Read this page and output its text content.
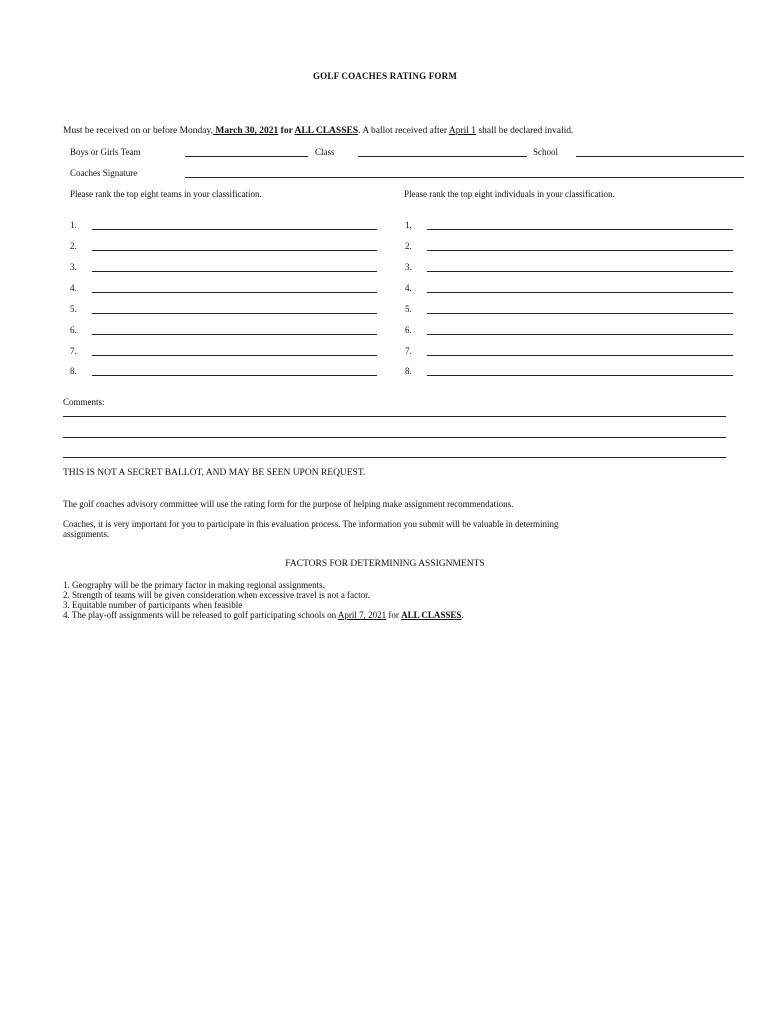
GOLF COACHES RATING FORM
Must be received on or before Monday, March 30, 2021 for ALL CLASSES. A ballot received after April 1 shall be declared invalid.
Boys or Girls Team	Class	School
Coaches Signature
Please rank the top eight teams in your classification.	Please rank the top eight individuals in your classification.
1.	1.
2.	2.
3.	3.
4.	4.
5.	5.
6.	6.
7.	7.
8.	8.
Comments:
THIS IS NOT A SECRET BALLOT, AND MAY BE SEEN UPON REQUEST.
The golf coaches advisory committee will use the rating form for the purpose of helping make assignment recommendations.
Coaches, it is very important for you to participate in this evaluation process. The information you submit will be valuable in determining
assignments.
FACTORS FOR DETERMINING ASSIGNMENTS
1. Geography will be the primary factor in making regional assignments.
2. Strength of teams will be given consideration when excessive travel is not a factor.
3. Equitable number of participants when feasible
4. The play-off assignments will be released to golf participating schools on April 7, 2021 for ALL CLASSES.
